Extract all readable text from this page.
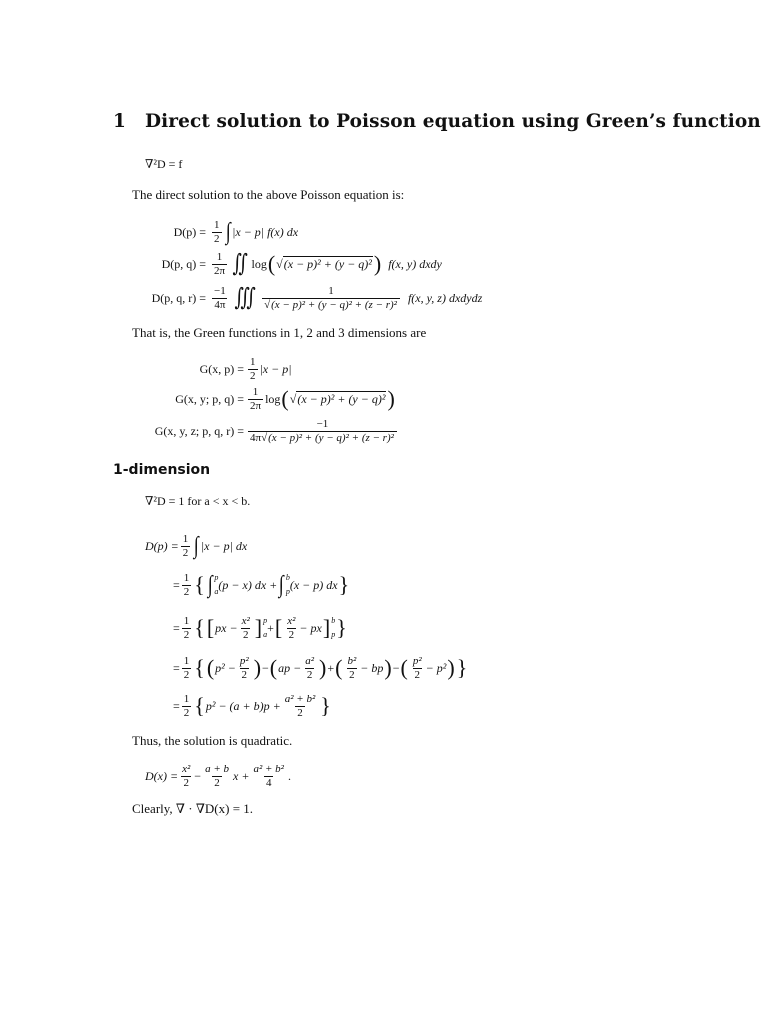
1 Direct solution to Poisson equation using Green’s function
∇²D = f
The direct solution to the above Poisson equation is:
$D(p) = \frac{1}{2}$ ∫ |x − p| f(x) dx
D(p, $q) = \frac{1}{2\pi}$ ∬ log ( √ (x − p)² + (y − q)² ) f(x, y) dxdy
D(p, q, $r) = \frac{-1}{4\pi}$ ∭ $\frac{1}{\text{√(x − p)² + (y − q)² + (z − r)²}} f(x$, y, z) dxdydz
That is, the Green functions in 1, 2 and 3 dimensions are
G(x, $p) = \frac{1}{2} |x - p|$
G(x, y; p, $q) = \frac{1}{2\pi}$ log ( √ (x − p)² + (y − q)² )
G(x, y, z; p, q, $r) = \frac{-1}{\text{4π√(x − p)² + (y − q)² + (z − r)²}}$
1-dimension
∇²D = 1 for a < x < b.
$D(p) = \frac{1}{2}$ ∫ |x − p| dx
= $\frac{1}{2}$ { ∫ p
a (p − x) dx + ∫ b
p (x − p) dx }
= $\frac{1}{2}$ { [ px − $\frac{\text{x²}}{2}$ ] p
a + [ $\frac{\text{x²}}{2}$ − px ] b
p }
= $\frac{1}{2}$ { ( $p^2 - \frac{\text{p²}}{2}$ ) − ( ap − $\frac{\text{a²}}{2}$ ) + ( $\frac{\text{b²}}{2}$ − bp ) − ( $\frac{\text{p²}}{2} - p^2$ ) }
= $\frac{1}{2}$ { $p^2 - (a + b)p + \frac{\text{a² + b²}}{2}$ }
Thus, the solution is quadratic.
$D(x) = \frac{\text{x²}}{2} - \frac{a + b}{2}$ $x + \frac{\text{a² + b²}}{4}$ .
Clearly, ∇ · ∇D(x) = 1.
